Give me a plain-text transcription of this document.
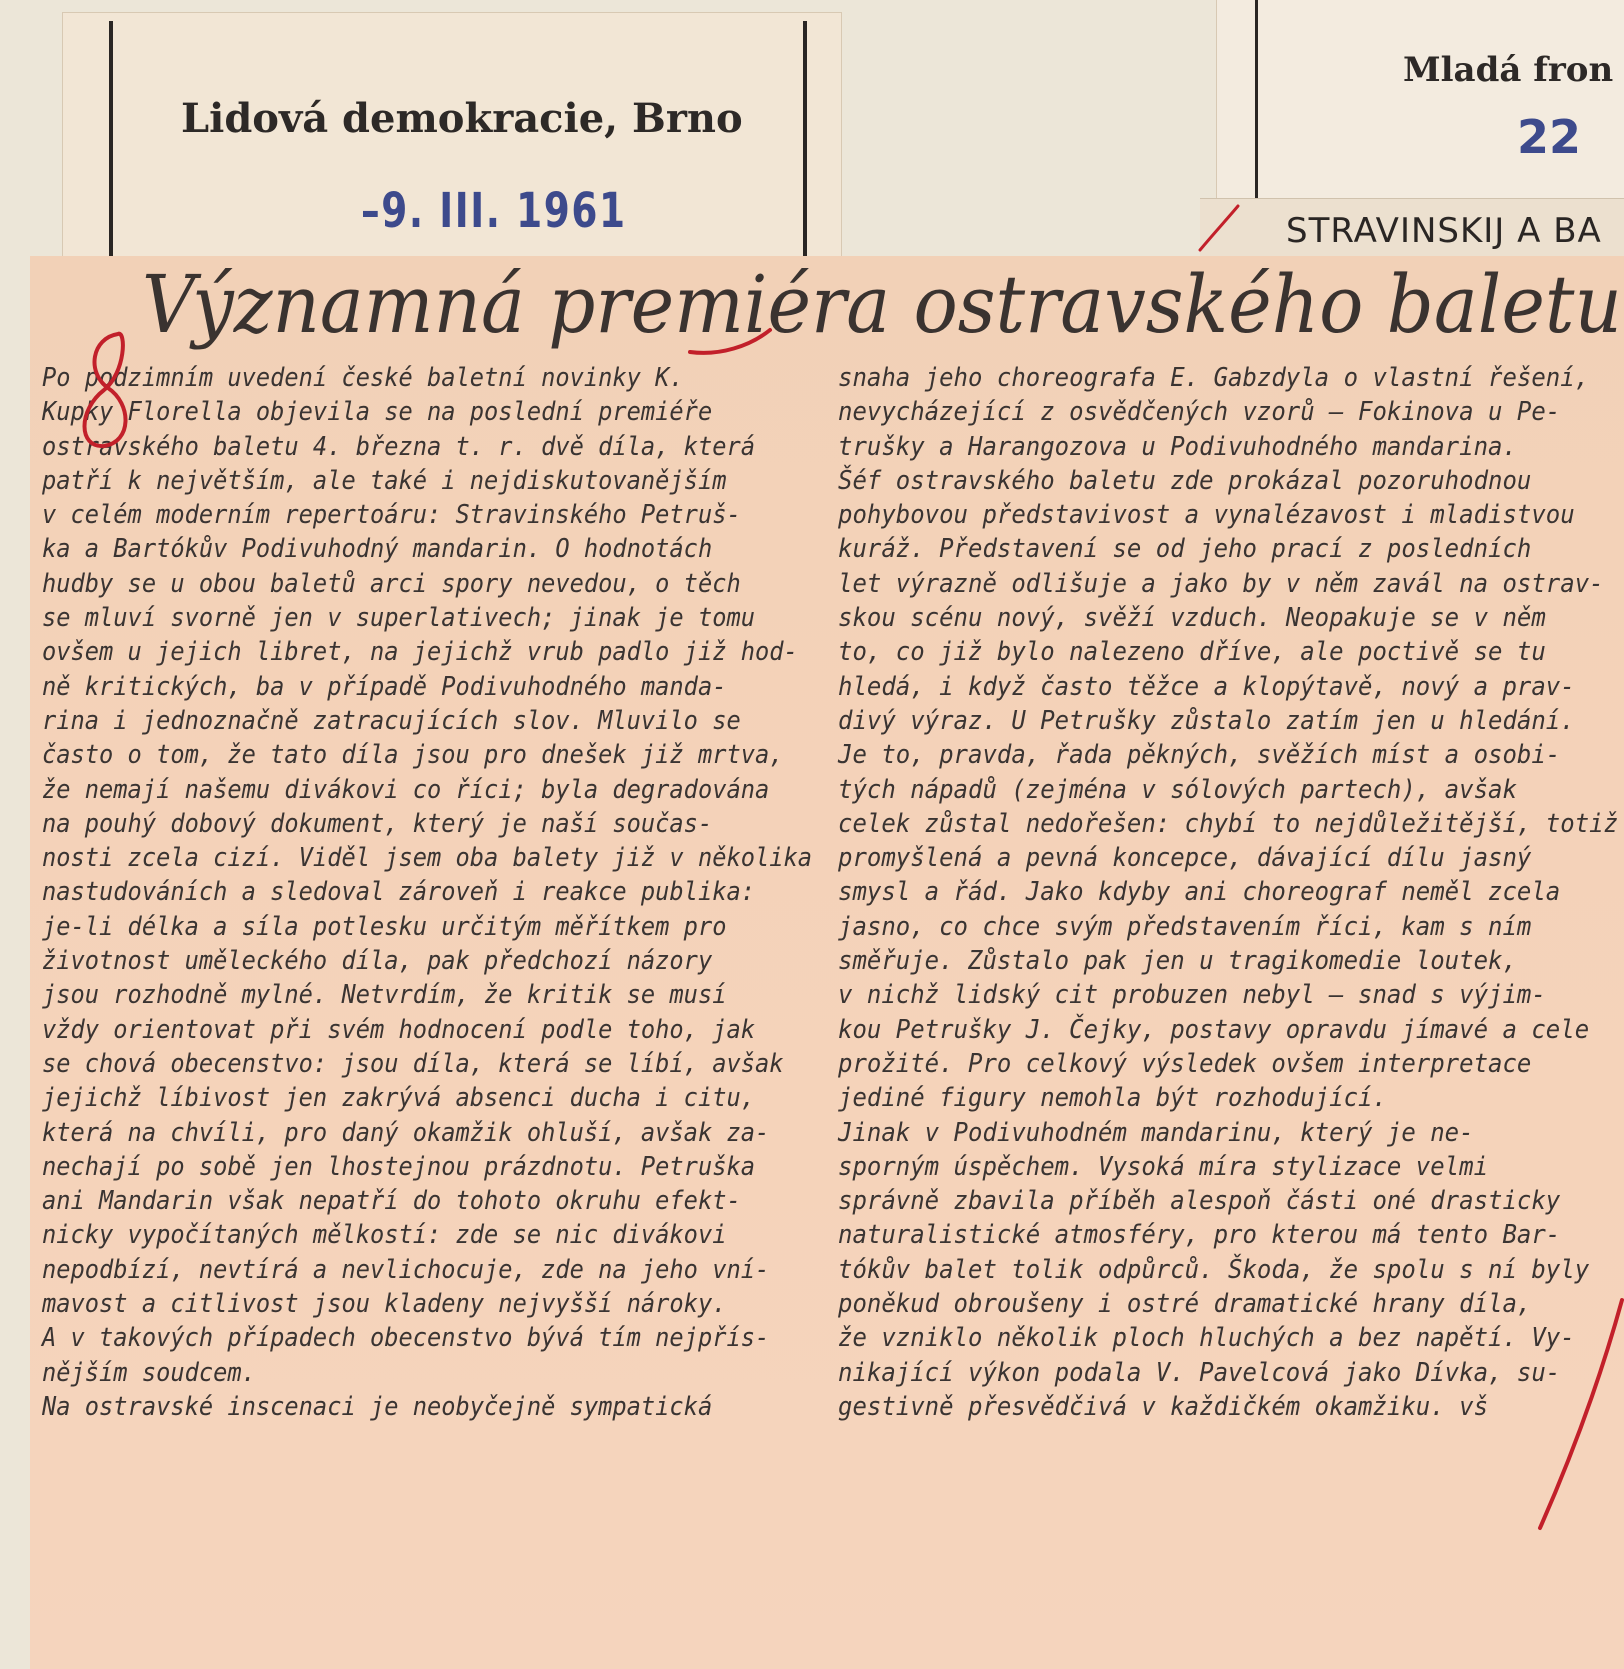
Lidová demokracie, Brno
–9. III. 1961
Mladá fron
22
STRAVINSKIJ A BA
Významná premiéra ostravského baletu
Po podzimním uvedení české baletní novinky K.
Kupky Florella objevila se na poslední premiéře
ostravského baletu 4. března t. r. dvě díla, která
patří k největším, ale také i nejdiskutovanějším
v celém moderním repertoáru: Stravinského Petruš-
ka a Bartókův Podivuhodný mandarin. O hodnotách
hudby se u obou baletů arci spory nevedou, o těch
se mluví svorně jen v superlativech; jinak je tomu
ovšem u jejich libret, na jejichž vrub padlo již hod-
ně kritických, ba v případě Podivuhodného manda-
rina i jednoznačně zatracujících slov. Mluvilo se
často o tom, že tato díla jsou pro dnešek již mrtva,
že nemají našemu divákovi co říci; byla degradována
na pouhý dobový dokument, který je naší součas-
nosti zcela cizí. Viděl jsem oba balety již v několika
nastudováních a sledoval zároveň i reakce publika:
je-li délka a síla potlesku určitým měřítkem pro
životnost uměleckého díla, pak předchozí názory
jsou rozhodně mylné. Netvrdím, že kritik se musí
vždy orientovat při svém hodnocení podle toho, jak
se chová obecenstvo: jsou díla, která se líbí, avšak
jejichž líbivost jen zakrývá absenci ducha i citu,
která na chvíli, pro daný okamžik ohluší, avšak za-
nechají po sobě jen lhostejnou prázdnotu. Petruška
ani Mandarin však nepatří do tohoto okruhu efekt-
nicky vypočítaných mělkostí: zde se nic divákovi
nepodbízí, nevtírá a nevlichocuje, zde na jeho vní-
mavost a citlivost jsou kladeny nejvyšší nároky.
A v takových případech obecenstvo bývá tím nejpřís-
nějším soudcem.
Na ostravské inscenaci je neobyčejně sympatická
snaha jeho choreografa E. Gabzdyla o vlastní řešení,
nevycházející z osvědčených vzorů — Fokinova u Pe-
trušky a Harangozova u Podivuhodného mandarina.
Šéf ostravského baletu zde prokázal pozoruhodnou
pohybovou představivost a vynalézavost i mladistvou
kuráž. Představení se od jeho prací z posledních
let výrazně odlišuje a jako by v něm zavál na ostrav-
skou scénu nový, svěží vzduch. Neopakuje se v něm
to, co již bylo nalezeno dříve, ale poctivě se tu
hledá, i když často těžce a klopýtavě, nový a prav-
divý výraz. U Petrušky zůstalo zatím jen u hledání.
Je to, pravda, řada pěkných, svěžích míst a osobi-
tých nápadů (zejména v sólových partech), avšak
celek zůstal nedořešen: chybí to nejdůležitější, totiž
promyšlená a pevná koncepce, dávající dílu jasný
smysl a řád. Jako kdyby ani choreograf neměl zcela
jasno, co chce svým představením říci, kam s ním
směřuje. Zůstalo pak jen u tragikomedie loutek,
v nichž lidský cit probuzen nebyl — snad s výjim-
kou Petrušky J. Čejky, postavy opravdu jímavé a cele
prožité. Pro celkový výsledek ovšem interpretace
jediné figury nemohla být rozhodující.
Jinak v Podivuhodném mandarinu, který je ne-
sporným úspěchem. Vysoká míra stylizace velmi
správně zbavila příběh alespoň části oné drasticky
naturalistické atmosféry, pro kterou má tento Bar-
tókův balet tolik odpůrců. Škoda, že spolu s ní byly
poněkud obroušeny i ostré dramatické hrany díla,
že vzniklo několik ploch hluchých a bez napětí. Vy-
nikající výkon podala V. Pavelcová jako Dívka, su-
gestivně přesvědčivá v každičkém okamžiku. vš
